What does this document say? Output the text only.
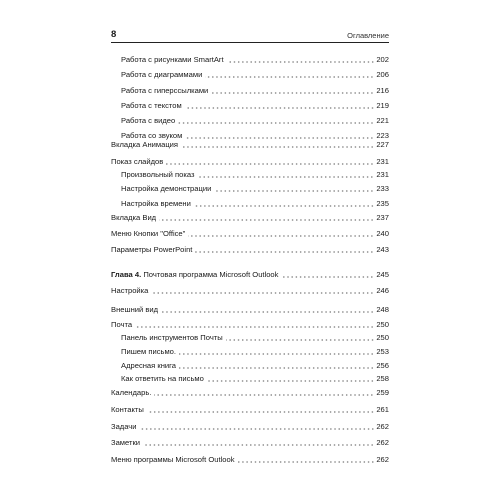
8	Оглавление
Работа с рисунками SmartArt	202
Работа с диаграммами	206
Работа с гиперссылками	216
Работа с текстом	219
Работа с видео	221
Работа со звуком	223
Вкладка Анимация	227
Показ слайдов	231
Произвольный показ	231
Настройка демонстрации	233
Настройка времени	235
Вкладка Вид	237
Меню Кнопки "Office"	240
Параметры PowerPoint	243
Глава 4. Почтовая программа Microsoft Outlook	245
Настройка	246
Внешний вид	248
Почта	250
Панель инструментов Почты	250
Пишем письмо.	253
Адресная книга	256
Как ответить на письмо	258
Календарь.	259
Контакты	261
Задачи	262
Заметки	262
Меню программы Microsoft Outlook	262
